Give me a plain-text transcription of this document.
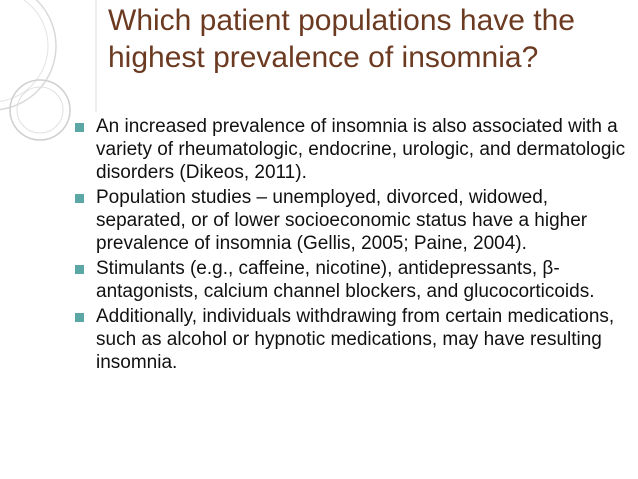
Which patient populations have the highest prevalence of insomnia?
An increased prevalence of insomnia is also associated with a variety of rheumatologic, endocrine, urologic, and dermatologic disorders (Dikeos, 2011).
Population studies – unemployed, divorced, widowed, separated, or of lower socioeconomic status have a higher prevalence of insomnia (Gellis, 2005; Paine, 2004).
Stimulants (e.g., caffeine, nicotine), antidepressants, β-antagonists, calcium channel blockers, and glucocorticoids.
Additionally, individuals withdrawing from certain medications, such as alcohol or hypnotic medications, may have resulting insomnia.
